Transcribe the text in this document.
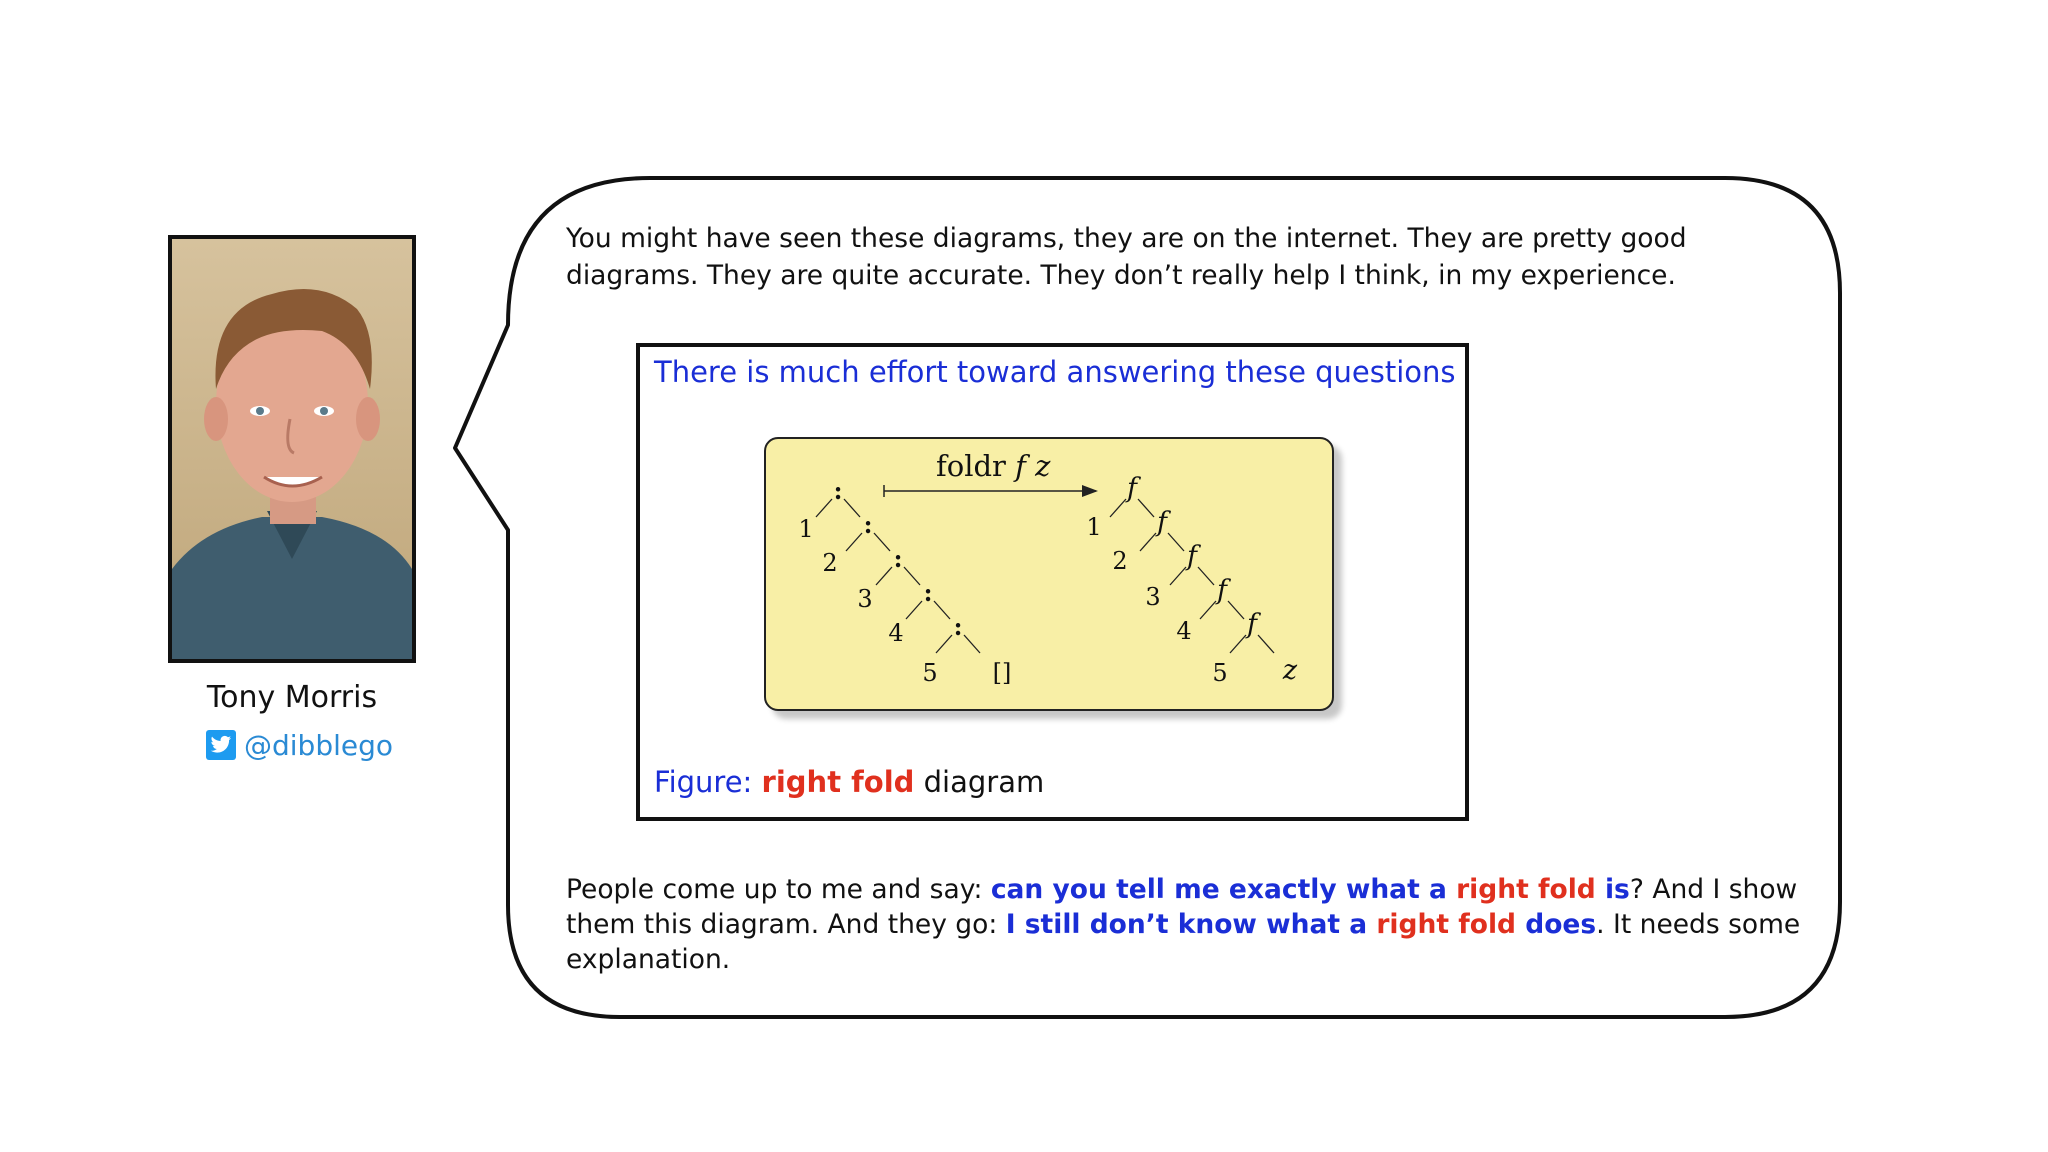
Tony Morris
@dibblego

You might have seen these diagrams, they are on the internet. They are pretty good diagrams. They are quite accurate. They don’t really help I think, in my experience.

There is much effort toward answering these questions
foldr f z
:
:
:
:
:
1
2
3
4
5 []
f
f
f
f
f
1
2
3
4
5 z
Figure: right fold diagram

People come up to me and say: can you tell me exactly what a right fold is? And I show them this diagram. And they go: I still don’t know what a right fold does. It needs some explanation.
